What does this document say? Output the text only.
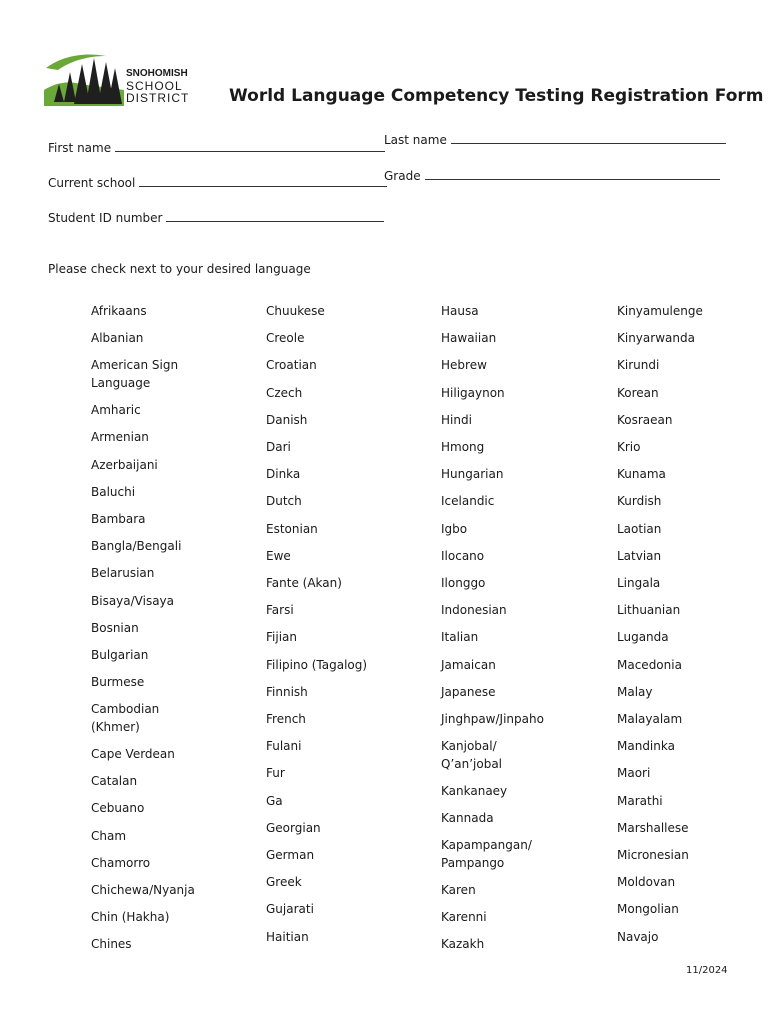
SNOHOMISH
SCHOOL
DISTRICT	World Language Competency Testing Registration Form
First name
Last name
Current school	Grade
Student ID number
Please check next to your desired language
Afrikaans
Albanian
American Sign
Language
Amharic
Armenian
Azerbaijani
Baluchi
Bambara
Bangla/Bengali
Belarusian
Bisaya/Visaya
Bosnian
Bulgarian
Burmese
Cambodian
(Khmer)
Cape Verdean
Catalan
Cebuano
Cham
Chamorro
Chichewa/Nyanja
Chin (Hakha)
Chines
Chuukese
Creole
Croatian
Czech
Danish
Dari
Dinka
Dutch
Estonian
Ewe
Fante (Akan)
Farsi
Fijian
Filipino (Tagalog)
Finnish
French
Fulani
Fur
Ga
Georgian
German
Greek
Gujarati
Haitian
Hausa
Hawaiian
Hebrew
Hiligaynon
Hindi
Hmong
Hungarian
Icelandic
Igbo
Ilocano
Ilonggo
Indonesian
Italian
Jamaican
Japanese
Jinghpaw/Jinpaho
Kanjobal/
Q’an’jobal
Kankanaey
Kannada
Kapampangan/
Pampango
Karen
Karenni
Kazakh
Kinyamulenge
Kinyarwanda
Kirundi
Korean
Kosraean
Krio
Kunama
Kurdish
Laotian
Latvian
Lingala
Lithuanian
Luganda
Macedonia
Malay
Malayalam
Mandinka
Maori
Marathi
Marshallese
Micronesian
Moldovan
Mongolian
Navajo
11/2024
